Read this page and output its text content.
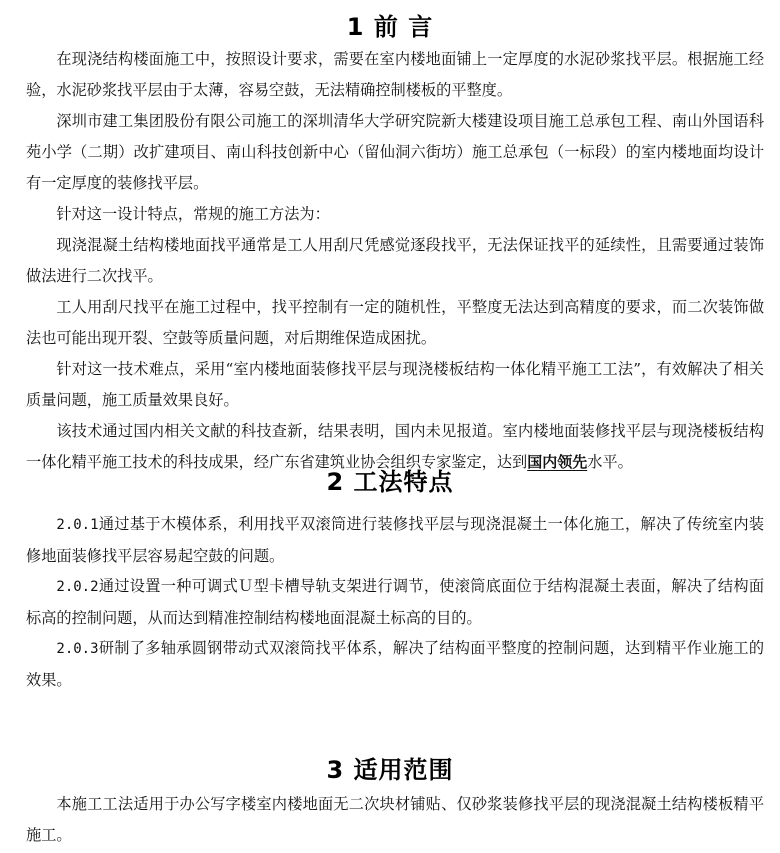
1 前 言

在现浇结构楼面施工中，按照设计要求，需要在室内楼地面铺上一定厚度的水泥砂浆找平层。根据施工经验，水泥砂浆找平层由于太薄，容易空鼓，无法精确控制楼板的平整度。

深圳市建工集团股份有限公司施工的深圳清华大学研究院新大楼建设项目施工总承包工程、南山外国语科苑小学（二期）改扩建项目、南山科技创新中心（留仙洞六街坊）施工总承包（一标段）的室内楼地面均设计有一定厚度的装修找平层。

针对这一设计特点，常规的施工方法为：

现浇混凝土结构楼地面找平通常是工人用刮尺凭感觉逐段找平，无法保证找平的延续性，且需要通过装饰做法进行二次找平。

工人用刮尺找平在施工过程中，找平控制有一定的随机性，平整度无法达到高精度的要求，而二次装饰做法也可能出现开裂、空鼓等质量问题，对后期维保造成困扰。

针对这一技术难点，采用“室内楼地面装修找平层与现浇楼板结构一体化精平施工工法”，有效解决了相关质量问题，施工质量效果良好。

该技术通过国内相关文献的科技查新，结果表明，国内未见报道。室内楼地面装修找平层与现浇楼板结构一体化精平施工技术的科技成果，经广东省建筑业协会组织专家鉴定，达到国内领先水平。

2 工法特点

2.0.1通过基于木模体系，利用找平双滚筒进行装修找平层与现浇混凝土一体化施工，解决了传统室内装修地面装修找平层容易起空鼓的问题。

2.0.2通过设置一种可调式Ｕ型卡槽导轨支架进行调节，使滚筒底面位于结构混凝土表面，解决了结构面标高的控制问题，从而达到精准控制结构楼地面混凝土标高的目的。

2.0.3研制了多轴承圆钢带动式双滚筒找平体系，解决了结构面平整度的控制问题，达到精平作业施工的效果。

3 适用范围

本施工工法适用于办公写字楼室内楼地面无二次块材铺贴、仅砂浆装修找平层的现浇混凝土结构楼板精平施工。
